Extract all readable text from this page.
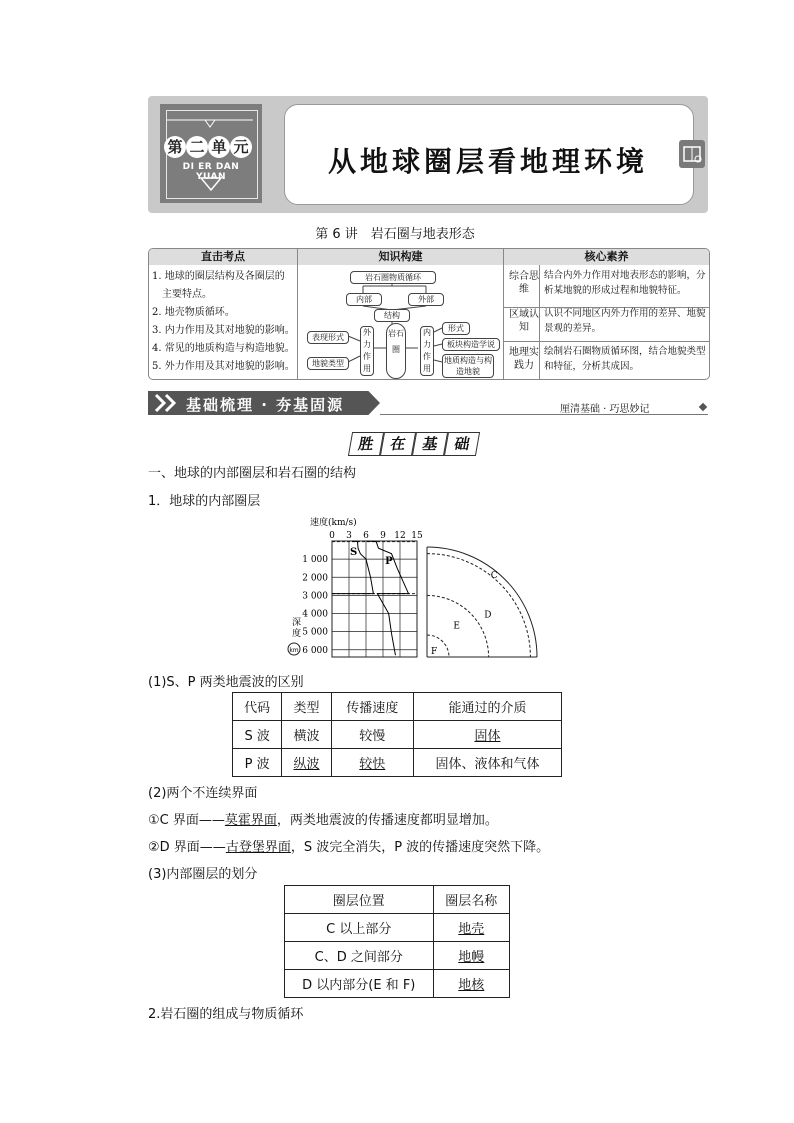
第 二 单 元
DI ER DAN YUAN	从地球圈层看地理环境
第 6 讲　岩石圈与地表形态
直击考点	知识构建	核心素养
1. 地球的圈层结构及各圈层的
　主要特点。
2. 地壳物质循环。
3. 内力作用及其对地貌的影响。
4. 常见的地质构造与构造地貌。
5. 外力作用及其对地貌的影响。
岩石圈物质循环
内部	外部
结构
表现形式
地貌类型
外力作用
岩石圈
内力作用
形式
板块构造学说
地质构造与构造地貌
综合思维
结合内外力作用对地表形态的影响，分析某地貌的形成过程和地貌特征。
区域认知
认识不同地区内外力作用的差异、地貌景观的差异。
地理实践力
绘制岩石圈物质循环图，结合地貌类型和特征，分析其成因。
基础梳理 · 夯基固源	厘清基础 · 巧思妙记
胜 在 基 础
一、地球的内部圈层和岩石圈的结构
1．地球的内部圈层
0 3 6 9 12 15
1 000
2 000
3 000
4 000
5 000
6 000
速度(km/s)
深
度
km
S
P
C
D
E
F
(1)S、P 两类地震波的区别
代码	类型	传播速度	能通过的介质
S 波	横波	较慢	固体
P 波	纵波	较快	固体、液体和气体
(2)两个不连续界面
①C 界面——莫霍界面，两类地震波的传播速度都明显增加。
②D 界面——古登堡界面，S 波完全消失，P 波的传播速度突然下降。
(3)内部圈层的划分
圈层位置	圈层名称
C 以上部分	地壳
C、D 之间部分	地幔
D 以内部分(E 和 F)	地核
2.岩石圈的组成与物质循环
